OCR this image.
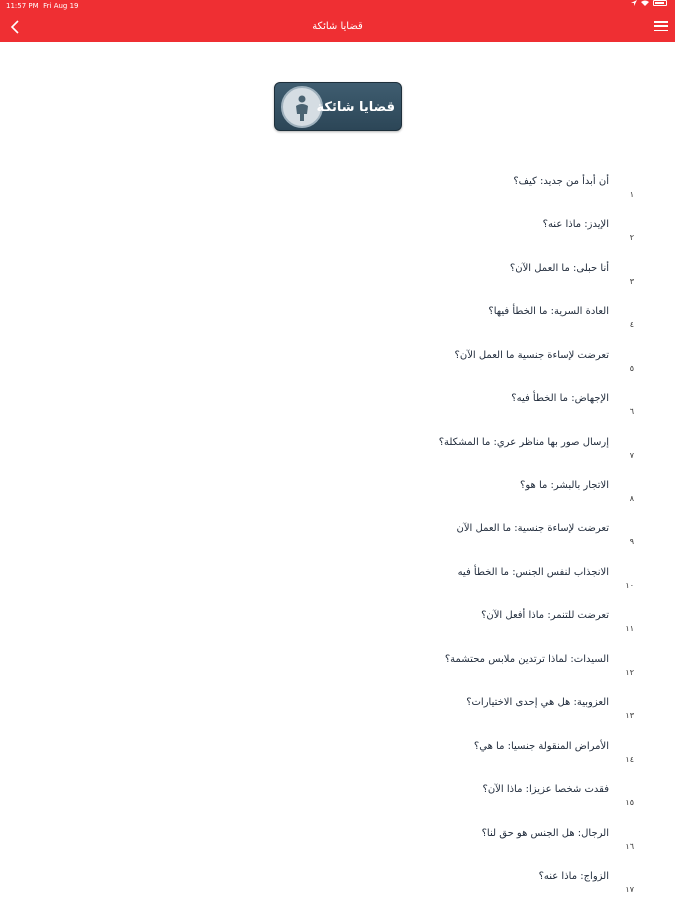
11:57 PM Fri Aug 19
قضايا شائكة
قضايا شائكة
أن أبدأ من جديد: كيف؟
١
الإيدز: ماذا عنه؟
٢
أنا حبلى: ما العمل الآن؟
٣
العادة السرية: ما الخطأ فيها؟
٤
تعرضت لإساءة جنسية ما العمل الآن؟
٥
الإجهاض: ما الخطأ فيه؟
٦
إرسال صور بها مناظر عري: ما المشكلة؟
٧
الاتجار بالبشر: ما هو؟
٨
تعرضت لإساءة جنسية: ما العمل الآن
٩
الانجذاب لنفس الجنس: ما الخطأ فيه
١٠
تعرضت للتنمر: ماذا أفعل الآن؟
١١
السيدات: لماذا ترتدين ملابس محتشمة؟
١٢
العزوبية: هل هي إحدى الاختيارات؟
١٣
الأمراض المنقولة جنسيا: ما هي؟
١٤
فقدت شخصا عزيزا: ماذا الآن؟
١٥
الرجال: هل الجنس هو حق لنا؟
١٦
الزواج: ماذا عنه؟
١٧
